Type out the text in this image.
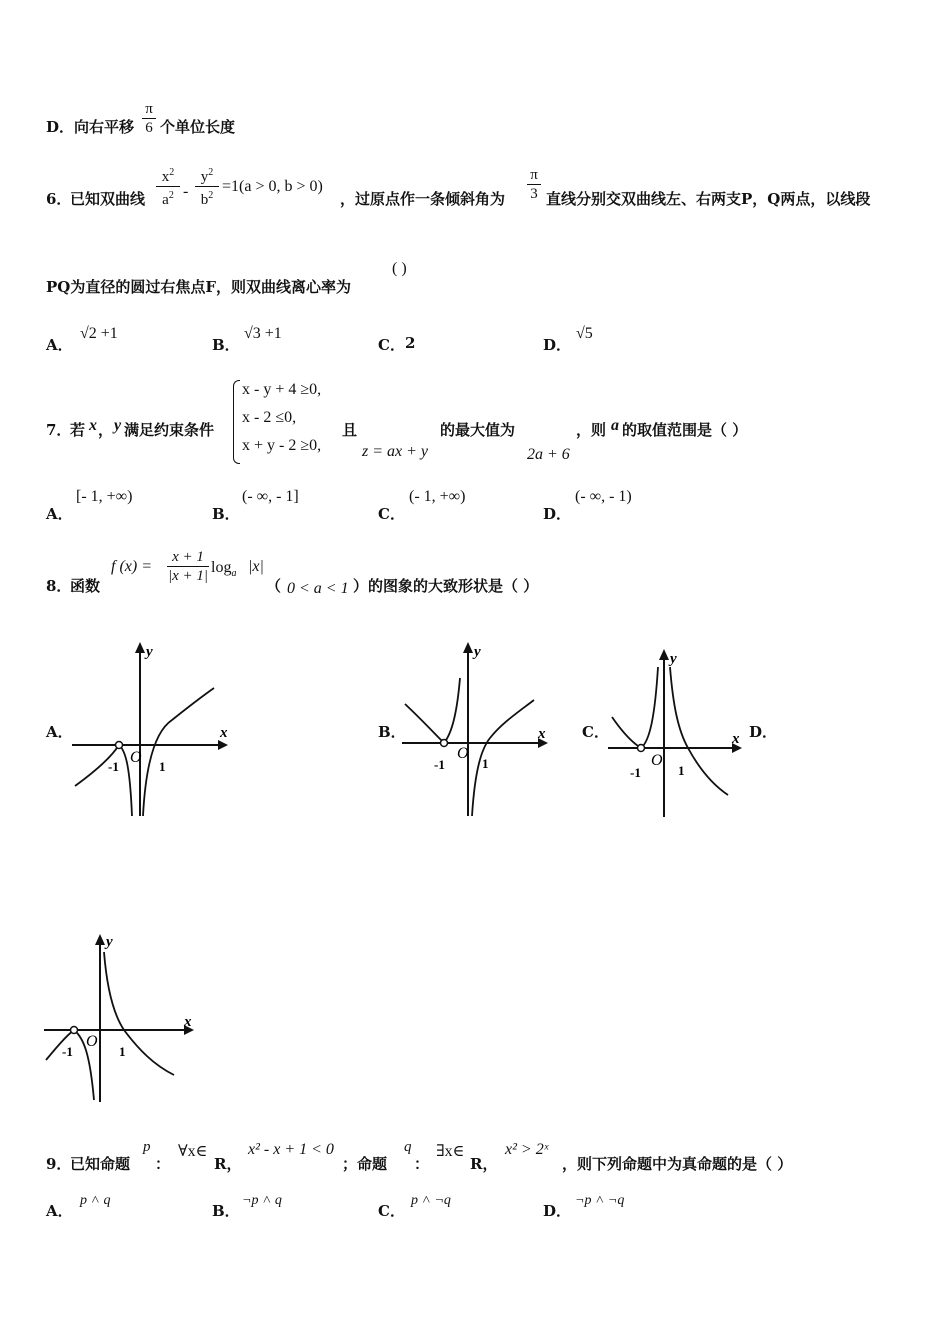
D． 向右平移 $\frac{\pi}{6}$ 个单位长度
6．
已知双曲线 $\frac{x^2}{a^2} - \frac{y^2}{b^2} =1(a > 0$, b > 0)
，过原点作一条倾斜角为 $\frac{\pi}{3}$ 直线分别交双曲线左、右两支P，Q两点，以线段
PQ为直径的圆过右焦点F，则双曲线离心率为
( )
A．
√2 +1
B．
√3 +1
C． 2	D．
√5
7．
若 x ， y 满足约束条件
x - y + 4 ≥0,
x - 2 ≤0,
x + y - 2 ≥0,
且
z = ax + y
的最大值为
2a + 6
，则 a 的取值范围是（ ）
A．
[- 1, +∞)
B．
(- ∞, - 1]
C．
(- 1, +∞)
D．
(- ∞, - 1)
8．
函数
f $(x) = \frac{x + 1}{|x + 1|} \log_a |x|$
（ 0 < a < 1 ）的图象的大致形状是（ ）
A．	B．	C．	D．
y
x
-1
O
1
y
x
-1
O
1
y
x
-1
O
1
y
x
-1
O
1
9．
已知命题
p
：
∀x∈
R，
x² - x + 1 < 0
；命题
q
：
∃x∈
R，
x² > 2ˣ
，则下列命题中为真命题的是（ ）
A．
p ˄ q
B．
¬p ˄ q
C．
p ˄ ¬q
D．
¬p ˄ ¬q
